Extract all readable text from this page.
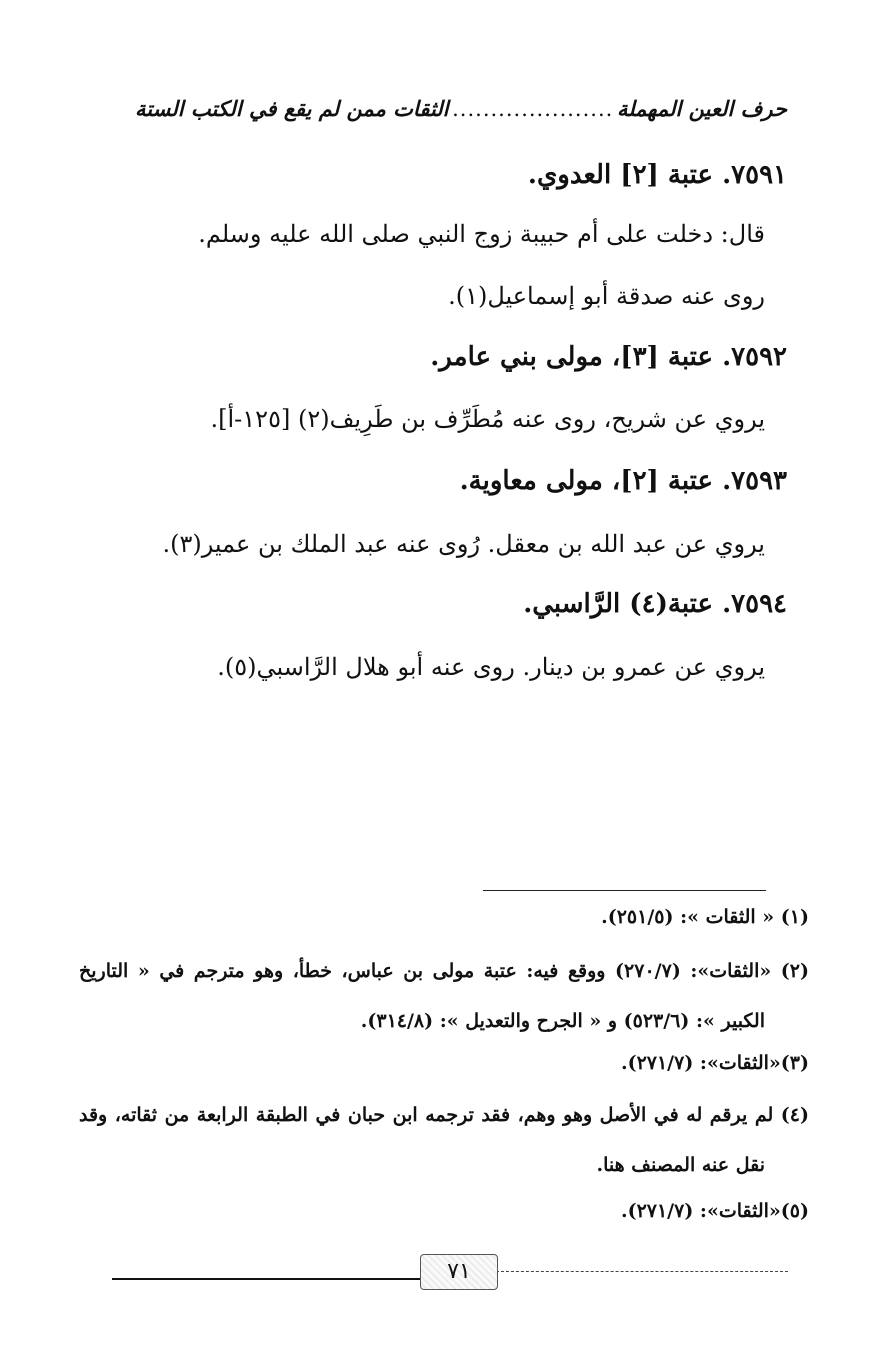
حرف العين المهملة
.....................
الثقات ممن لم يقع في الكتب الستة
٧٥٩١. عتبة [٢] العدوي.
قال: دخلت على أم حبيبة زوج النبي صلى الله عليه وسلم.
روى عنه صدقة أبو إسماعيل(١).
٧٥٩٢. عتبة [٣]، مولى بني عامر.
يروي عن شريح، روى عنه مُطَرِّف بن طَرِيف(٢) [١٢٥-أ].
٧٥٩٣. عتبة [٢]، مولى معاوية.
يروي عن عبد الله بن معقل. رُوى عنه عبد الملك بن عمير(٣).
٧٥٩٤. عتبة(٤) الرَّاسبي.
يروي عن عمرو بن دينار. روى عنه أبو هلال الرَّاسبي(٥).
(١) « الثقات »: (٢٥١/٥).
(٢) «الثقات»: (٢٧٠/٧) ووقع فيه: عتبة مولى بن عباس، خطأ، وهو مترجم في « التاريخ
الكبير »: (٥٢٣/٦) و « الجرح والتعديل »: (٣١٤/٨).
(٣)«الثقات»: (٢٧١/٧).
(٤) لم يرقم له في الأصل وهو وهم، فقد ترجمه ابن حبان في الطبقة الرابعة من ثقاته، وقد
نقل عنه المصنف هنا.
(٥)«الثقات»: (٢٧١/٧).
٧١
